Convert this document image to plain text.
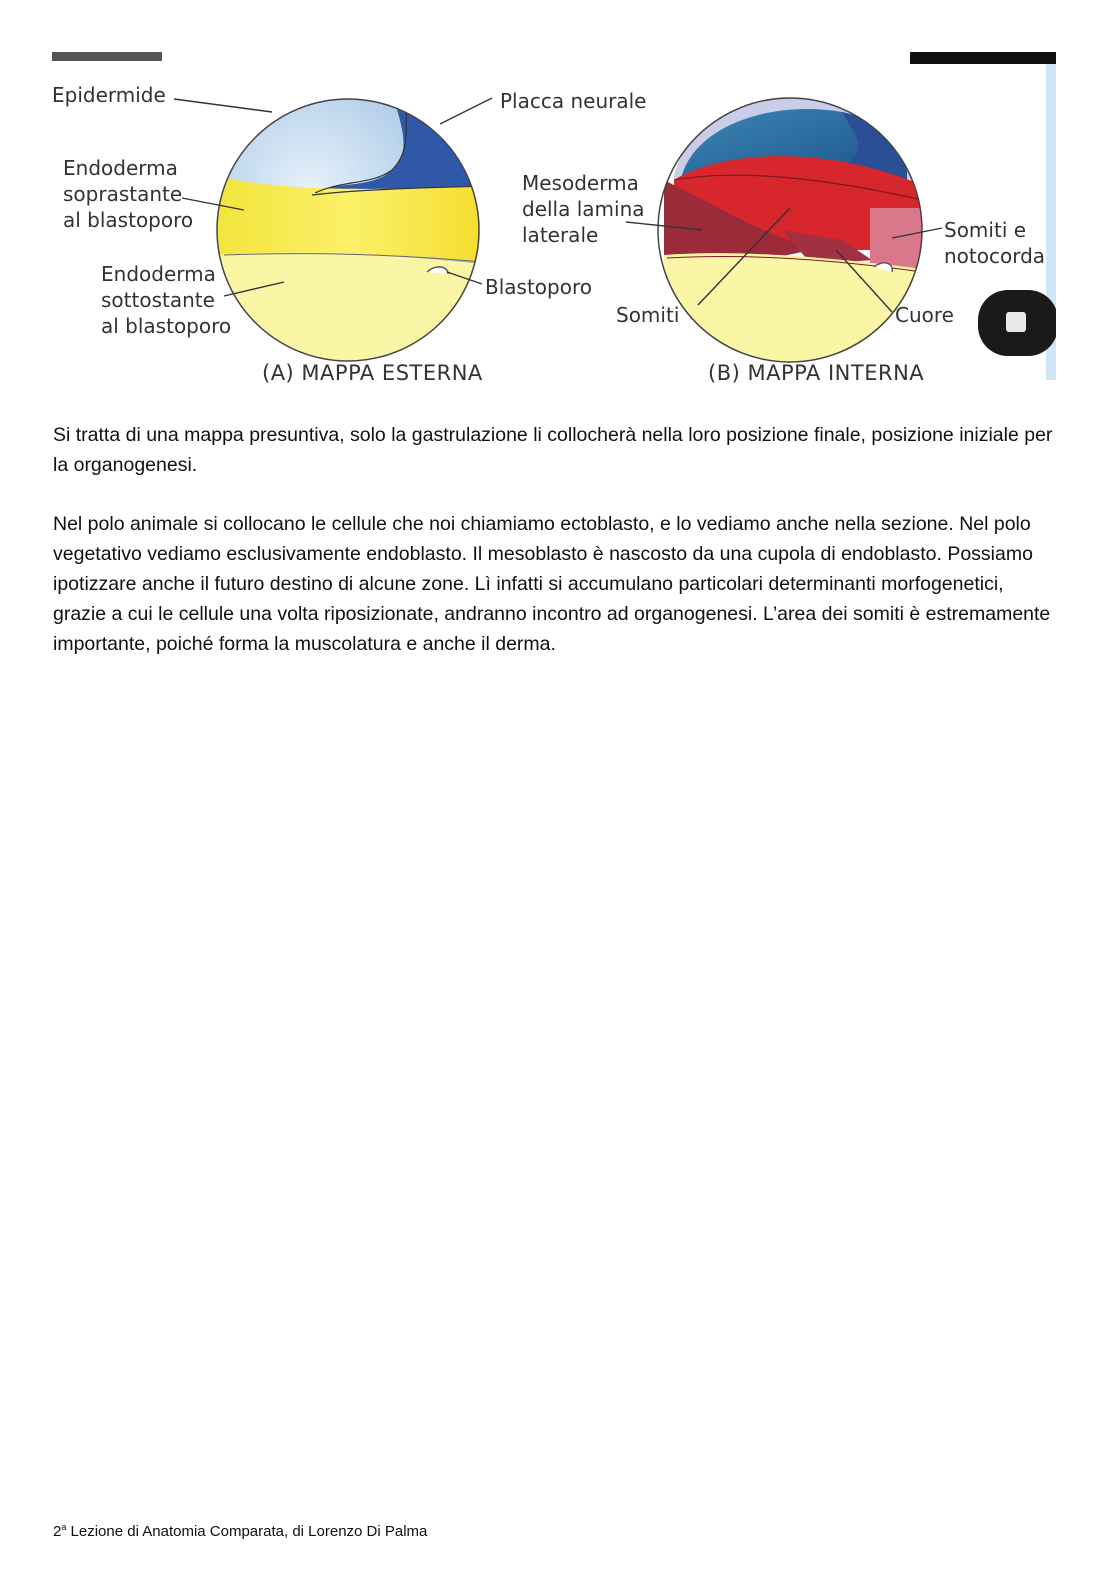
Epidermide	Placca neurale
Endoderma
soprastante
al blastoporo
Endoderma
sottostante
al blastoporo
Blastoporo
(A) MAPPA ESTERNA
Mesoderma
della lamina
laterale	Somiti e
notocorda
Somiti	Cuore
(B) MAPPA INTERNA

Si tratta di una mappa presuntiva, solo la gastrulazione li collocherà nella loro posizione finale, posizione iniziale per la organogenesi.

Nel polo animale si collocano le cellule che noi chiamiamo ectoblasto, e lo vediamo anche nella sezione. Nel polo vegetativo vediamo esclusivamente endoblasto. Il mesoblasto è nascosto da una cupola di endoblasto. Possiamo ipotizzare anche il futuro destino di alcune zone. Lì infatti si accumulano particolari determinanti morfogenetici, grazie a cui le cellule una volta riposizionate, andranno incontro ad organogenesi. L’area dei somiti è estremamente importante, poiché forma la muscolatura e anche il derma.

2$^a$ Lezione di Anatomia Comparata, di Lorenzo Di Palma
